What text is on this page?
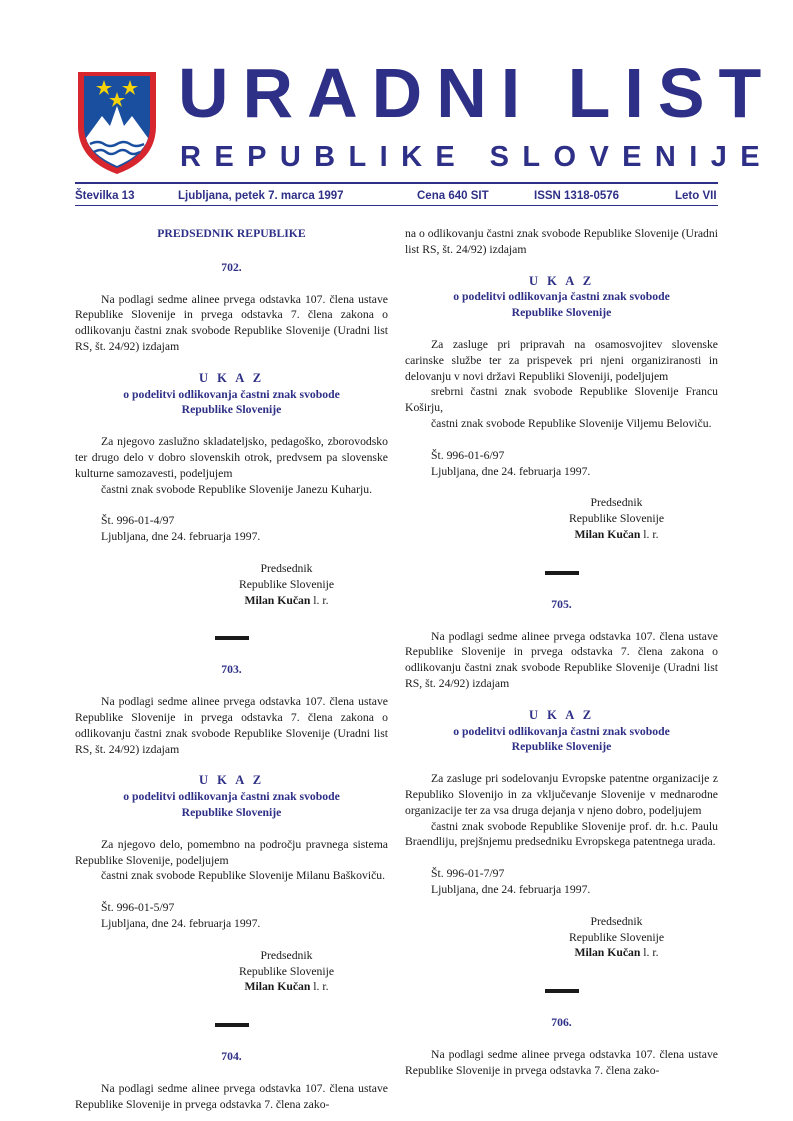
URADNI LIST
REPUBLIKE SLOVENIJE
Številka 13	Ljubljana, petek 7. marca 1997	Cena 640 SIT	ISSN 1318-0576	Leto VII
PREDSEDNIK REPUBLIKE
702.

Na podlagi sedme alinee prvega odstavka 107. člena ustave Republike Slovenije in prvega odstavka 7. člena zakona o odlikovanju častni znak svobode Republike Slovenije (Uradni list RS, št. 24/92) izdajam

U K A Z
o podelitvi odlikovanja častni znak svobode
Republike Slovenije

Za njegovo zaslužno skladateljsko, pedagoško, zborovodsko ter drugo delo v dobro slovenskih otrok, predvsem pa slovenske kulturne samozavesti, podeljujem

častni znak svobode Republike Slovenije Janezu Kuharju.

Št. 996-01-4/97
Ljubljana, dne 24. februarja 1997.
Predsednik
Republike Slovenije
Milan Kučan l. r.
703.

Na podlagi sedme alinee prvega odstavka 107. člena ustave Republike Slovenije in prvega odstavka 7. člena zakona o odlikovanju častni znak svobode Republike Slovenije (Uradni list RS, št. 24/92) izdajam

U K A Z
o podelitvi odlikovanja častni znak svobode
Republike Slovenije

Za njegovo delo, pomembno na področju pravnega sistema Republike Slovenije, podeljujem

častni znak svobode Republike Slovenije Milanu Baškoviču.

Št. 996-01-5/97
Ljubljana, dne 24. februarja 1997.
Predsednik
Republike Slovenije
Milan Kučan l. r.
704.

Na podlagi sedme alinee prvega odstavka 107. člena ustave Republike Slovenije in prvega odstavka 7. člena zako-

na o odlikovanju častni znak svobode Republike Slovenije (Uradni list RS, št. 24/92) izdajam

U K A Z
o podelitvi odlikovanja častni znak svobode
Republike Slovenije

Za zasluge pri pripravah na osamosvojitev slovenske carinske službe ter za prispevek pri njeni organiziranosti in delovanju v novi državi Republiki Sloveniji, podeljujem

srebrni častni znak svobode Republike Slovenije Francu Koširju,

častni znak svobode Republike Slovenije Viljemu Beloviču.

Št. 996-01-6/97
Ljubljana, dne 24. februarja 1997.
Predsednik
Republike Slovenije
Milan Kučan l. r.
705.

Na podlagi sedme alinee prvega odstavka 107. člena ustave Republike Slovenije in prvega odstavka 7. člena zakona o odlikovanju častni znak svobode Republike Slovenije (Uradni list RS, št. 24/92) izdajam

U K A Z
o podelitvi odlikovanja častni znak svobode
Republike Slovenije

Za zasluge pri sodelovanju Evropske patentne organizacije z Republiko Slovenijo in za vključevanje Slovenije v mednarodne organizacije ter za vsa druga dejanja v njeno dobro, podeljujem

častni znak svobode Republike Slovenije prof. dr. h.c. Paulu Braendliju, prejšnjemu predsedniku Evropskega patentnega urada.

Št. 996-01-7/97
Ljubljana, dne 24. februarja 1997.
Predsednik
Republike Slovenije
Milan Kučan l. r.
706.

Na podlagi sedme alinee prvega odstavka 107. člena ustave Republike Slovenije in prvega odstavka 7. člena zako-
